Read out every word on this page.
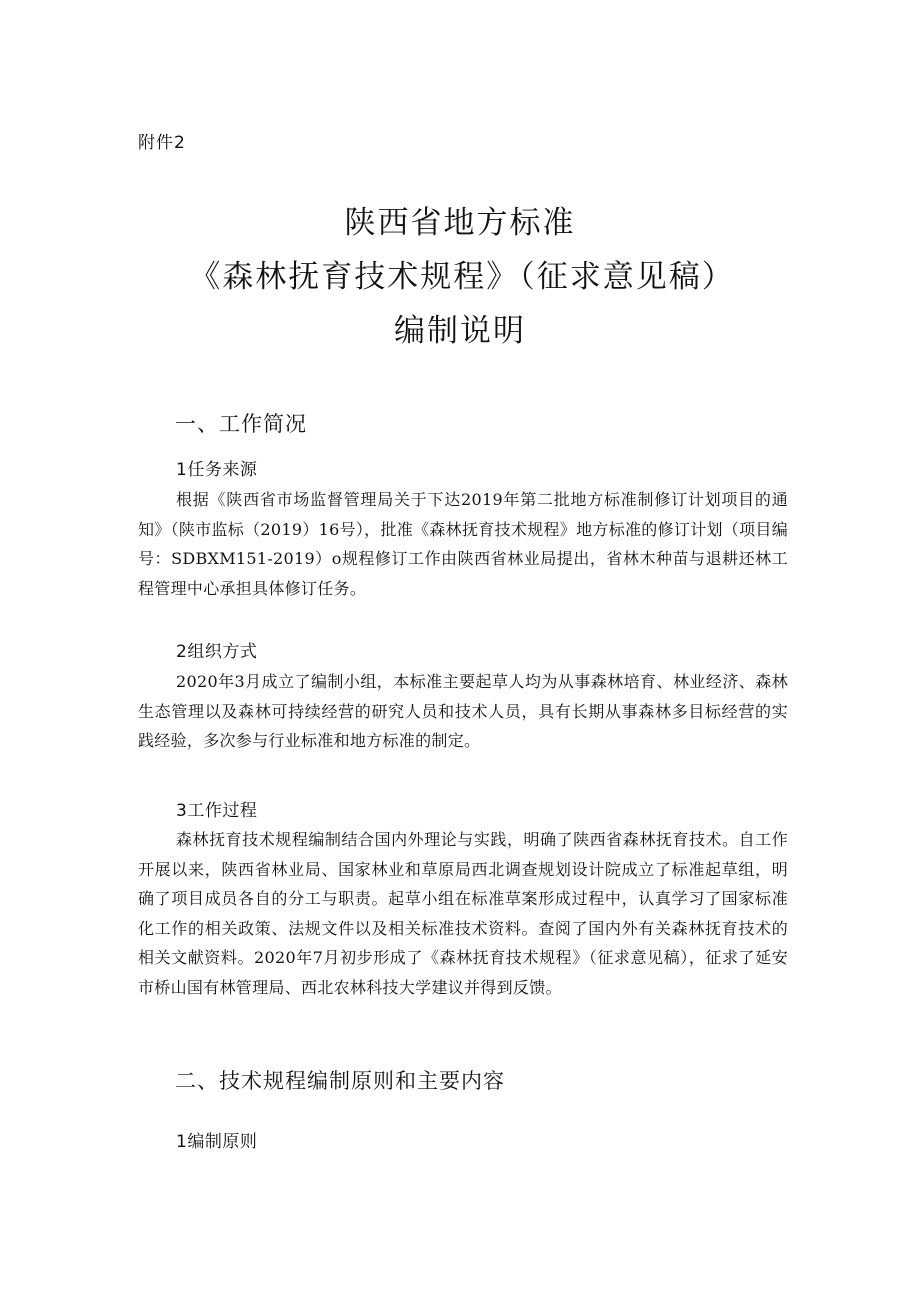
附件2
陕西省地方标准
《森林抚育技术规程》（征求意见稿）
编制说明
一、工作简况
1任务来源
根据《陕西省市场监督管理局关于下达2019年第二批地方标准制修订计划项目的通知》（陕市监标（2019）16号），批准《森林抚育技术规程》地方标准的修订计划（项目编号：SDBXM151-2019）o规程修订工作由陕西省林业局提出，省林木种苗与退耕还林工程管理中心承担具体修订任务。
2组织方式
2020年3月成立了编制小组，本标准主要起草人均为从事森林培育、林业经济、森林生态管理以及森林可持续经营的研究人员和技术人员，具有长期从事森林多目标经营的实践经验，多次参与行业标准和地方标准的制定。
3工作过程
森林抚育技术规程编制结合国内外理论与实践，明确了陕西省森林抚育技术。自工作开展以来，陕西省林业局、国家林业和草原局西北调查规划设计院成立了标准起草组，明确了项目成员各自的分工与职责。起草小组在标准草案形成过程中，认真学习了国家标准化工作的相关政策、法规文件以及相关标准技术资料。查阅了国内外有关森林抚育技术的相关文献资料。2020年7月初步形成了《森林抚育技术规程》（征求意见稿），征求了延安市桥山国有林管理局、西北农林科技大学建议并得到反馈。
二、技术规程编制原则和主要内容
1编制原则
